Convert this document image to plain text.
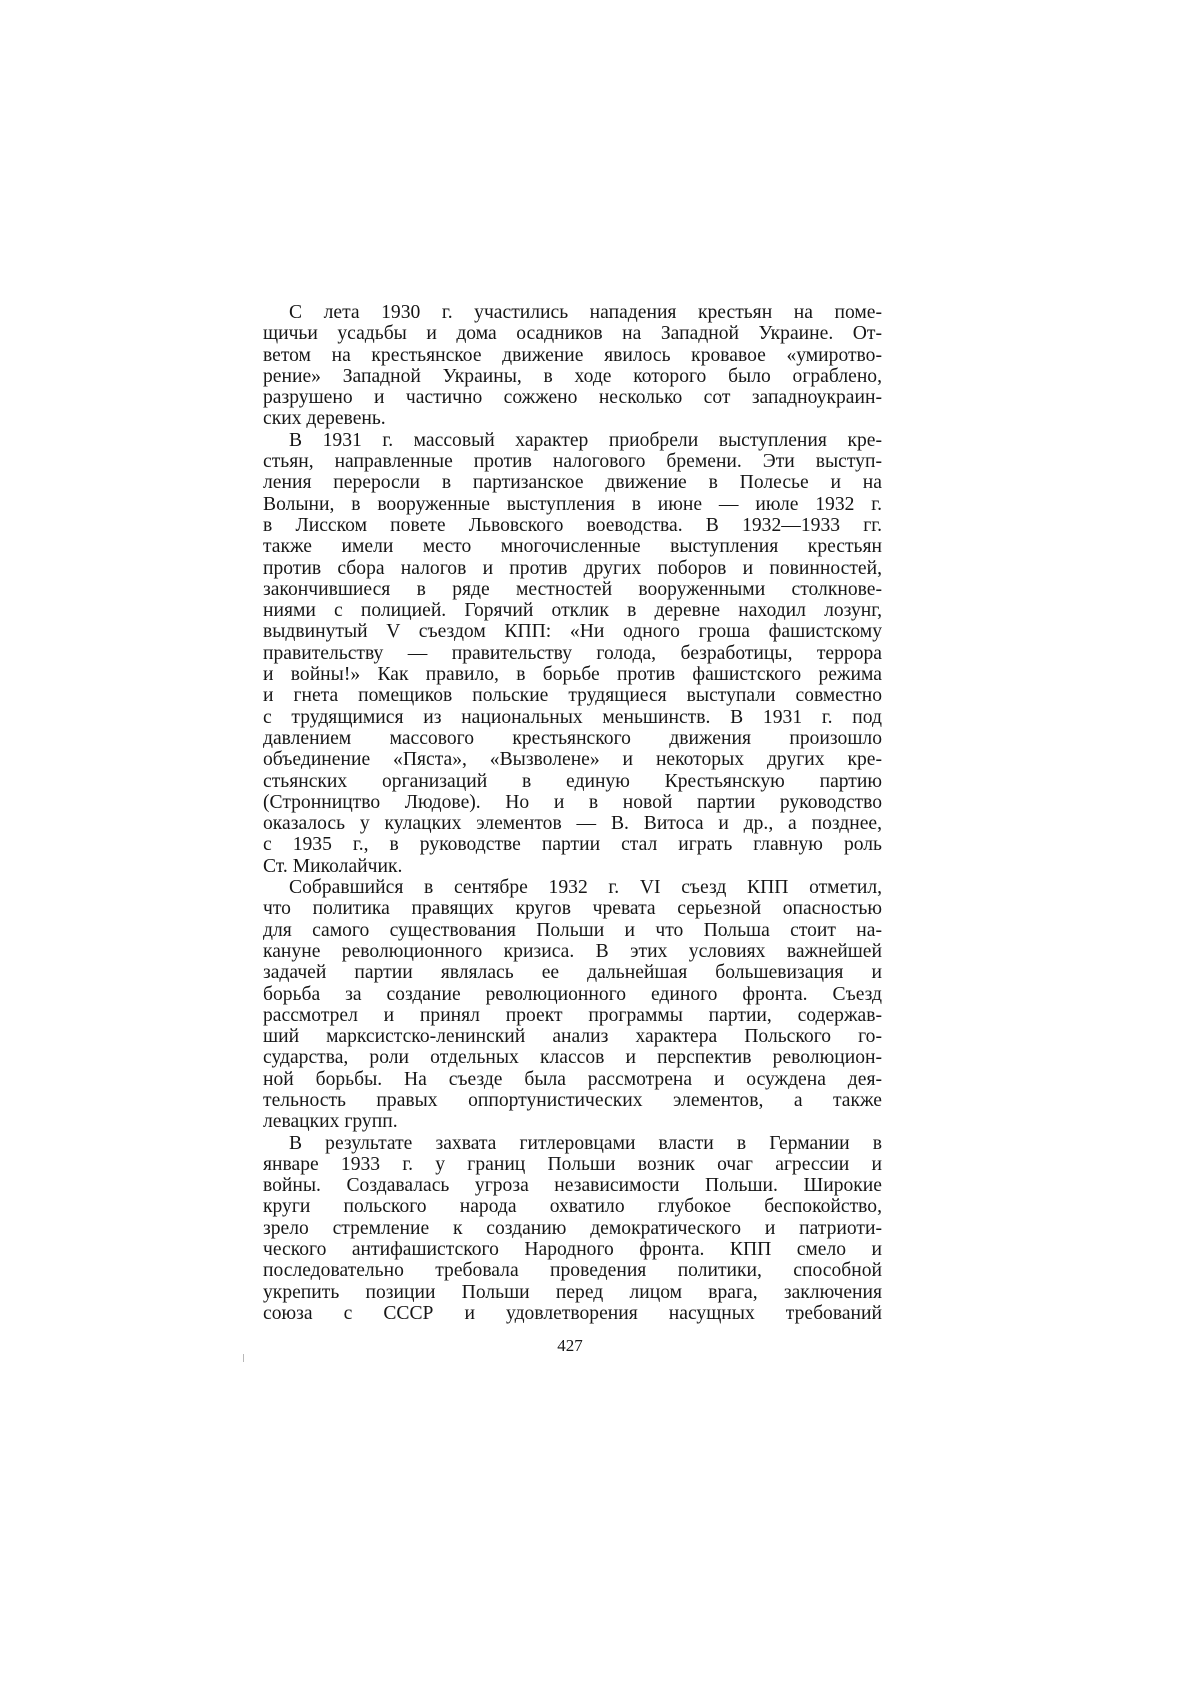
С лета 1930 г. участились нападения крестьян на поме-
щичьи усадьбы и дома осадников на Западной Украине. От-
ветом на крестьянское движение явилось кровавое «умиротво-
рение» Западной Украины, в ходе которого было ограблено,
разрушено и частично сожжено несколько сот западноукраин-
ских деревень.
В 1931 г. массовый характер приобрели выступления кре-
стьян, направленные против налогового бремени. Эти выступ-
ления переросли в партизанское движение в Полесье и на
Волыни, в вооруженные выступления в июне — июле 1932 г.
в Лисском повете Львовского воеводства. В 1932—1933 гг.
также имели место многочисленные выступления крестьян
против сбора налогов и против других поборов и повинностей,
закончившиеся в ряде местностей вооруженными столкнове-
ниями с полицией. Горячий отклик в деревне находил лозунг,
выдвинутый V съездом КПП: «Ни одного гроша фашистскому
правительству — правительству голода, безработицы, террора
и войны!» Как правило, в борьбе против фашистского режима
и гнета помещиков польские трудящиеся выступали совместно
с трудящимися из национальных меньшинств. В 1931 г. под
давлением массового крестьянского движения произошло
объединение «Пяста», «Вызволене» и некоторых других кре-
стьянских организаций в единую Крестьянскую партию
(Стронництво Людове). Но и в новой партии руководство
оказалось у кулацких элементов — В. Витоса и др., а позднее,
с 1935 г., в руководстве партии стал играть главную роль
Ст. Миколайчик.
Собравшийся в сентябре 1932 г. VI съезд КПП отметил,
что политика правящих кругов чревата серьезной опасностью
для самого существования Польши и что Польша стоит на-
кануне революционного кризиса. В этих условиях важнейшей
задачей партии являлась ее дальнейшая большевизация и
борьба за создание революционного единого фронта. Съезд
рассмотрел и принял проект программы партии, содержав-
ший марксистско-ленинский анализ характера Польского го-
сударства, роли отдельных классов и перспектив революцион-
ной борьбы. На съезде была рассмотрена и осуждена дея-
тельность правых оппортунистических элементов, а также
левацких групп.
В результате захвата гитлеровцами власти в Германии в
январе 1933 г. у границ Польши возник очаг агрессии и
войны. Создавалась угроза независимости Польши. Широкие
круги польского народа охватило глубокое беспокойство,
зрело стремление к созданию демократического и патриоти-
ческого антифашистского Народного фронта. КПП смело и
последовательно требовала проведения политики, способной
укрепить позиции Польши перед лицом врага, заключения
союза с СССР и удовлетворения насущных требований
427
